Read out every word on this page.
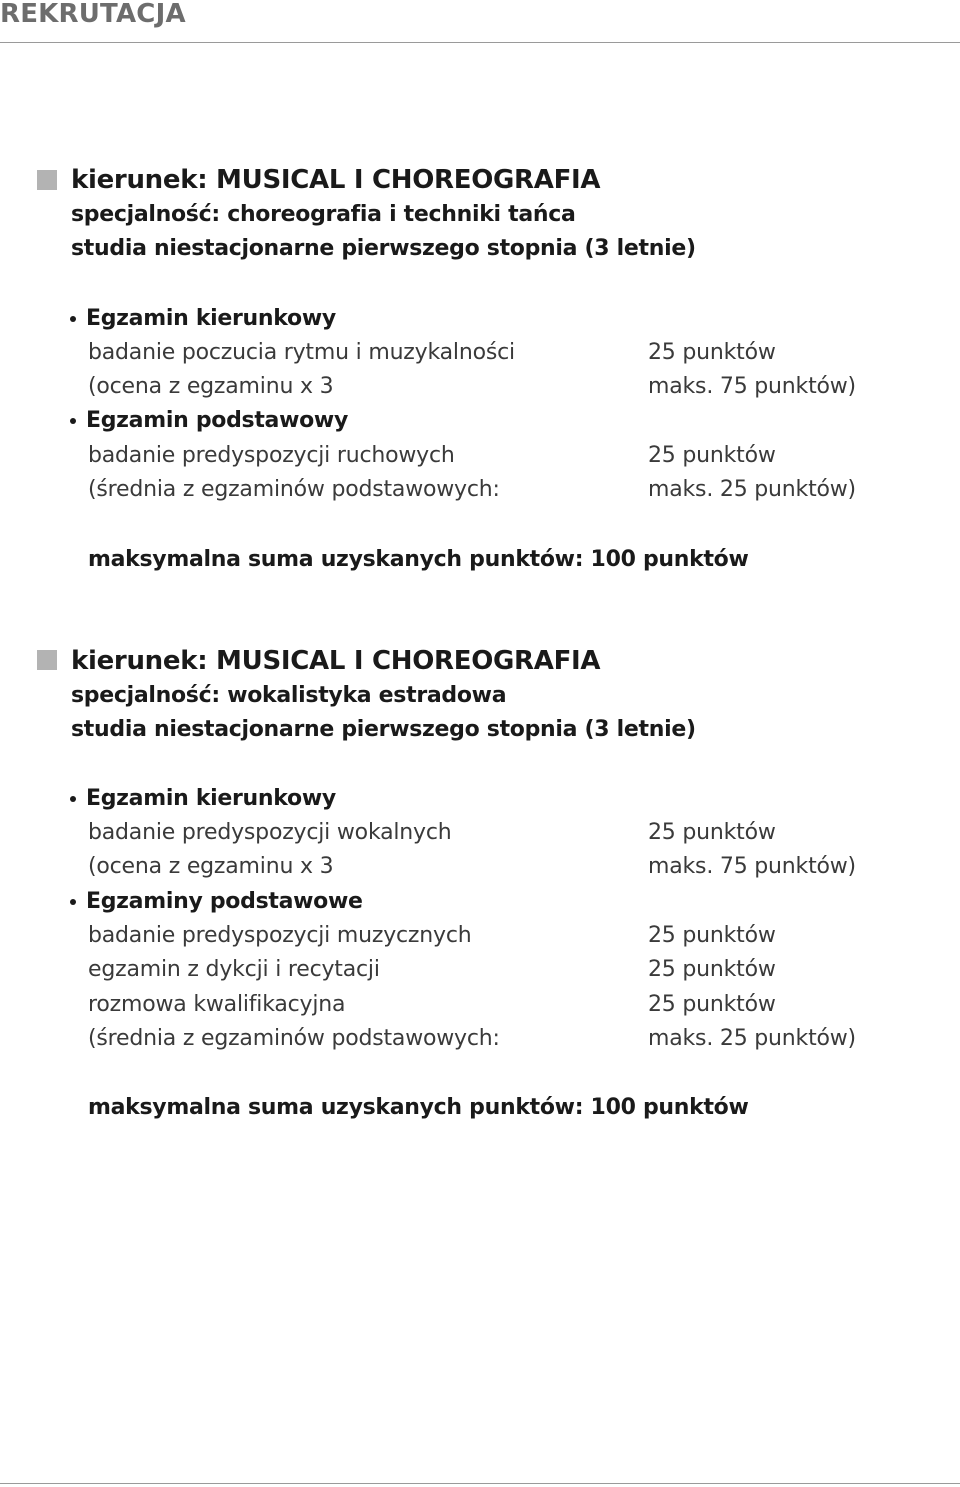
REKRUTACJA
kierunek: MUSICAL I CHOREOGRAFIA
specjalność: choreografia i techniki tańca
studia niestacjonarne pierwszego stopnia (3 letnie)
Egzamin kierunkowy
badanie poczucia rytmu i muzykalności	25 punktów
(ocena z egzaminu x 3	maks. 75 punktów)
Egzamin podstawowy
badanie predyspozycji ruchowych	25 punktów
(średnia z egzaminów podstawowych:	maks. 25 punktów)
maksymalna suma uzyskanych punktów: 100 punktów
kierunek: MUSICAL I CHOREOGRAFIA
specjalność: wokalistyka estradowa
studia niestacjonarne pierwszego stopnia (3 letnie)
Egzamin kierunkowy
badanie predyspozycji wokalnych	25 punktów
(ocena z egzaminu x 3	maks. 75 punktów)
Egzaminy podstawowe
badanie predyspozycji muzycznych	25 punktów
egzamin z dykcji i recytacji	25 punktów
rozmowa kwalifikacyjna	25 punktów
(średnia z egzaminów podstawowych:	maks. 25 punktów)
maksymalna suma uzyskanych punktów: 100 punktów
